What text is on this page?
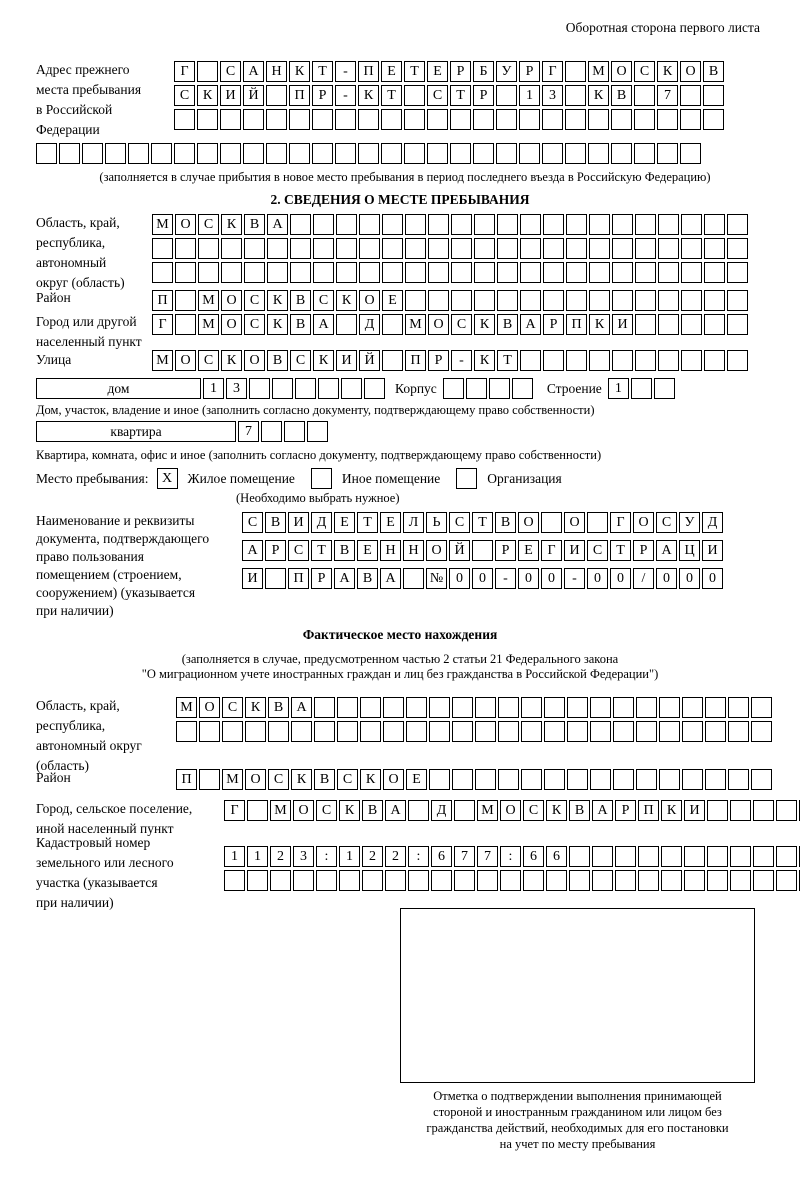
Оборотная сторона первого листа
Адрес прежнего
места пребывания
в Российской
Федерации
Г	С А Н К	Т	-	П Е	Т	Е	Р	Б	У	Р	Г	М О С К О В
С К И Й	П	Р	-	К	Т	С	Т	Р	1	3	К В	7
(заполняется в случае прибытия в новое место пребывания в период последнего въезда в Российскую Федерацию)
2. СВЕДЕНИЯ О МЕСТЕ ПРЕБЫВАНИЯ
Область, край,
республика,
автономный
округ (область)
М О С К В А
Район	П	М О С К В С К О Е
Город или другой
населенный пункт
Г	М О С К В А	Д	М О С К В А	Р	П К И
Улица	М О С К О В С К И Й	П	Р	-	К	Т
дом	1	3	Корпус	Строение 1
Дом, участок, владение и иное (заполнить согласно документу, подтверждающему право собственности)
квартира	7
Квартира, комната, офис и иное (заполнить согласно документу, подтверждающему право собственности)
Место пребывания: X	Жилое помещение	Иное помещение	Организация
(Необходимо выбрать нужное)
Наименование и реквизиты
документа, подтверждающего
право пользования
помещением (строением,
сооружением) (указывается
при наличии)
С В И Д Е	Т	Е Л	Ь	С	Т	В О	О	Г О С У Д
А	Р	С	Т	В	Е Н Н О Й	Р	Е	Г И С	Т	Р	А Ц И
И	П	Р	А В А	№ 0	0	-	0	0	-	0	0	/	0	0	0
Фактическое место нахождения
(заполняется в случае, предусмотренном частью 2 статьи 21 Федерального закона
"О миграционном учете иностранных граждан и лиц без гражданства в Российской Федерации")
Область, край,
республика,
автономный округ
(область)
М О С К В А
Район	П	М О С К В С К О Е
Город, сельское поселение,
иной населенный пункт
Г	М О С К В А	Д	М О С К В А	Р	П К И
Кадастровый номер
земельного или лесного
участка (указывается
при наличии)
1	1	2	3	:	1	2	2	:	6	7	7	:	6	6
Отметка о подтверждении выполнения принимающей
стороной и иностранным гражданином или лицом без
гражданства действий, необходимых для его постановки
на учет по месту пребывания
